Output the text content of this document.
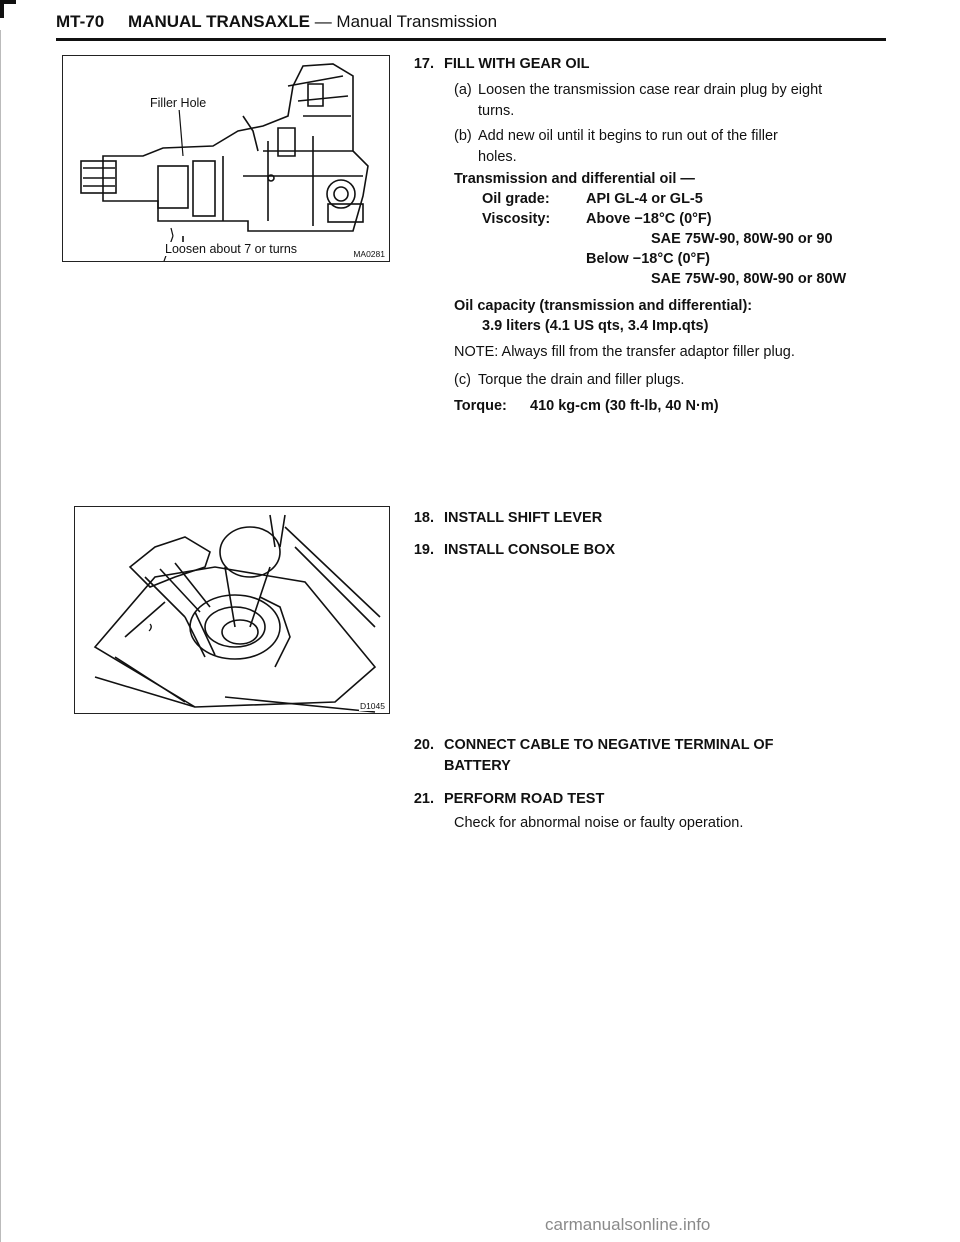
MT-70 MANUAL TRANSAXLE — Manual Transmission
Filler Hole
Loosen about 7 or turns	MA0281
D1045
17. FILL WITH GEAR OIL
(a) Loosen the transmission case rear drain plug by eight
turns.
(b) Add new oil until it begins to run out of the filler
holes.
Transmission and differential oil —
Oil grade:	API GL-4 or GL-5
Viscosity: Above −18°C (0°F)
SAE 75W-90, 80W-90 or 90
Below −18°C (0°F)
SAE 75W-90, 80W-90 or 80W
Oil capacity (transmission and differential):
3.9 liters (4.1 US qts, 3.4 Imp.qts)
NOTE: Always fill from the transfer adaptor filler plug.
(c) Torque the drain and filler plugs.
Torque: 410 kg-cm (30 ft-lb, 40 N·m)
18. INSTALL SHIFT LEVER
19. INSTALL CONSOLE BOX
20. CONNECT CABLE TO NEGATIVE TERMINAL OF
BATTERY
21. PERFORM ROAD TEST
Check for abnormal noise or faulty operation.
carmanualsonline.info
